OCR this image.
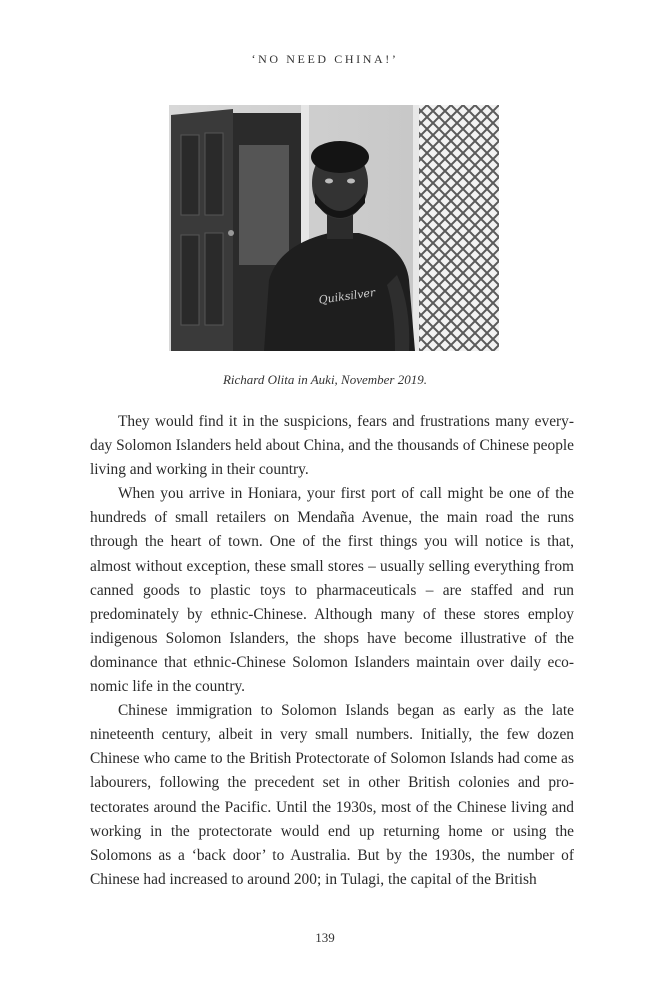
‘NO NEED CHINA!’
Quiksilver
Richard Olita in Auki, November 2019.

They would find it in the suspicions, fears and frustrations many everyday Solomon Islanders held about China, and the thousands of Chinese people living and working in their country.

When you arrive in Honiara, your first port of call might be one of the hundreds of small retailers on Mendaña Avenue, the main road the runs through the heart of town. One of the first things you will notice is that, almost without exception, these small stores – usually selling everything from canned goods to plastic toys to pharmaceuticals – are staffed and run predominately by ethnic-Chinese. Although many of these stores employ indigenous Solomon Islanders, the shops have become illustrative of the dominance that ethnic-Chinese Solomon Islanders maintain over daily economic life in the country.

Chinese immigration to Solomon Islands began as early as the late nineteenth century, albeit in very small numbers. Initially, the few dozen Chinese who came to the British Protectorate of Solomon Islands had come as labourers, following the precedent set in other British colonies and protectorates around the Pacific. Until the 1930s, most of the Chinese living and working in the protectorate would end up returning home or using the Solomons as a ‘back door’ to Australia. But by the 1930s, the number of Chinese had increased to around 200; in Tulagi, the capital of the British

139
